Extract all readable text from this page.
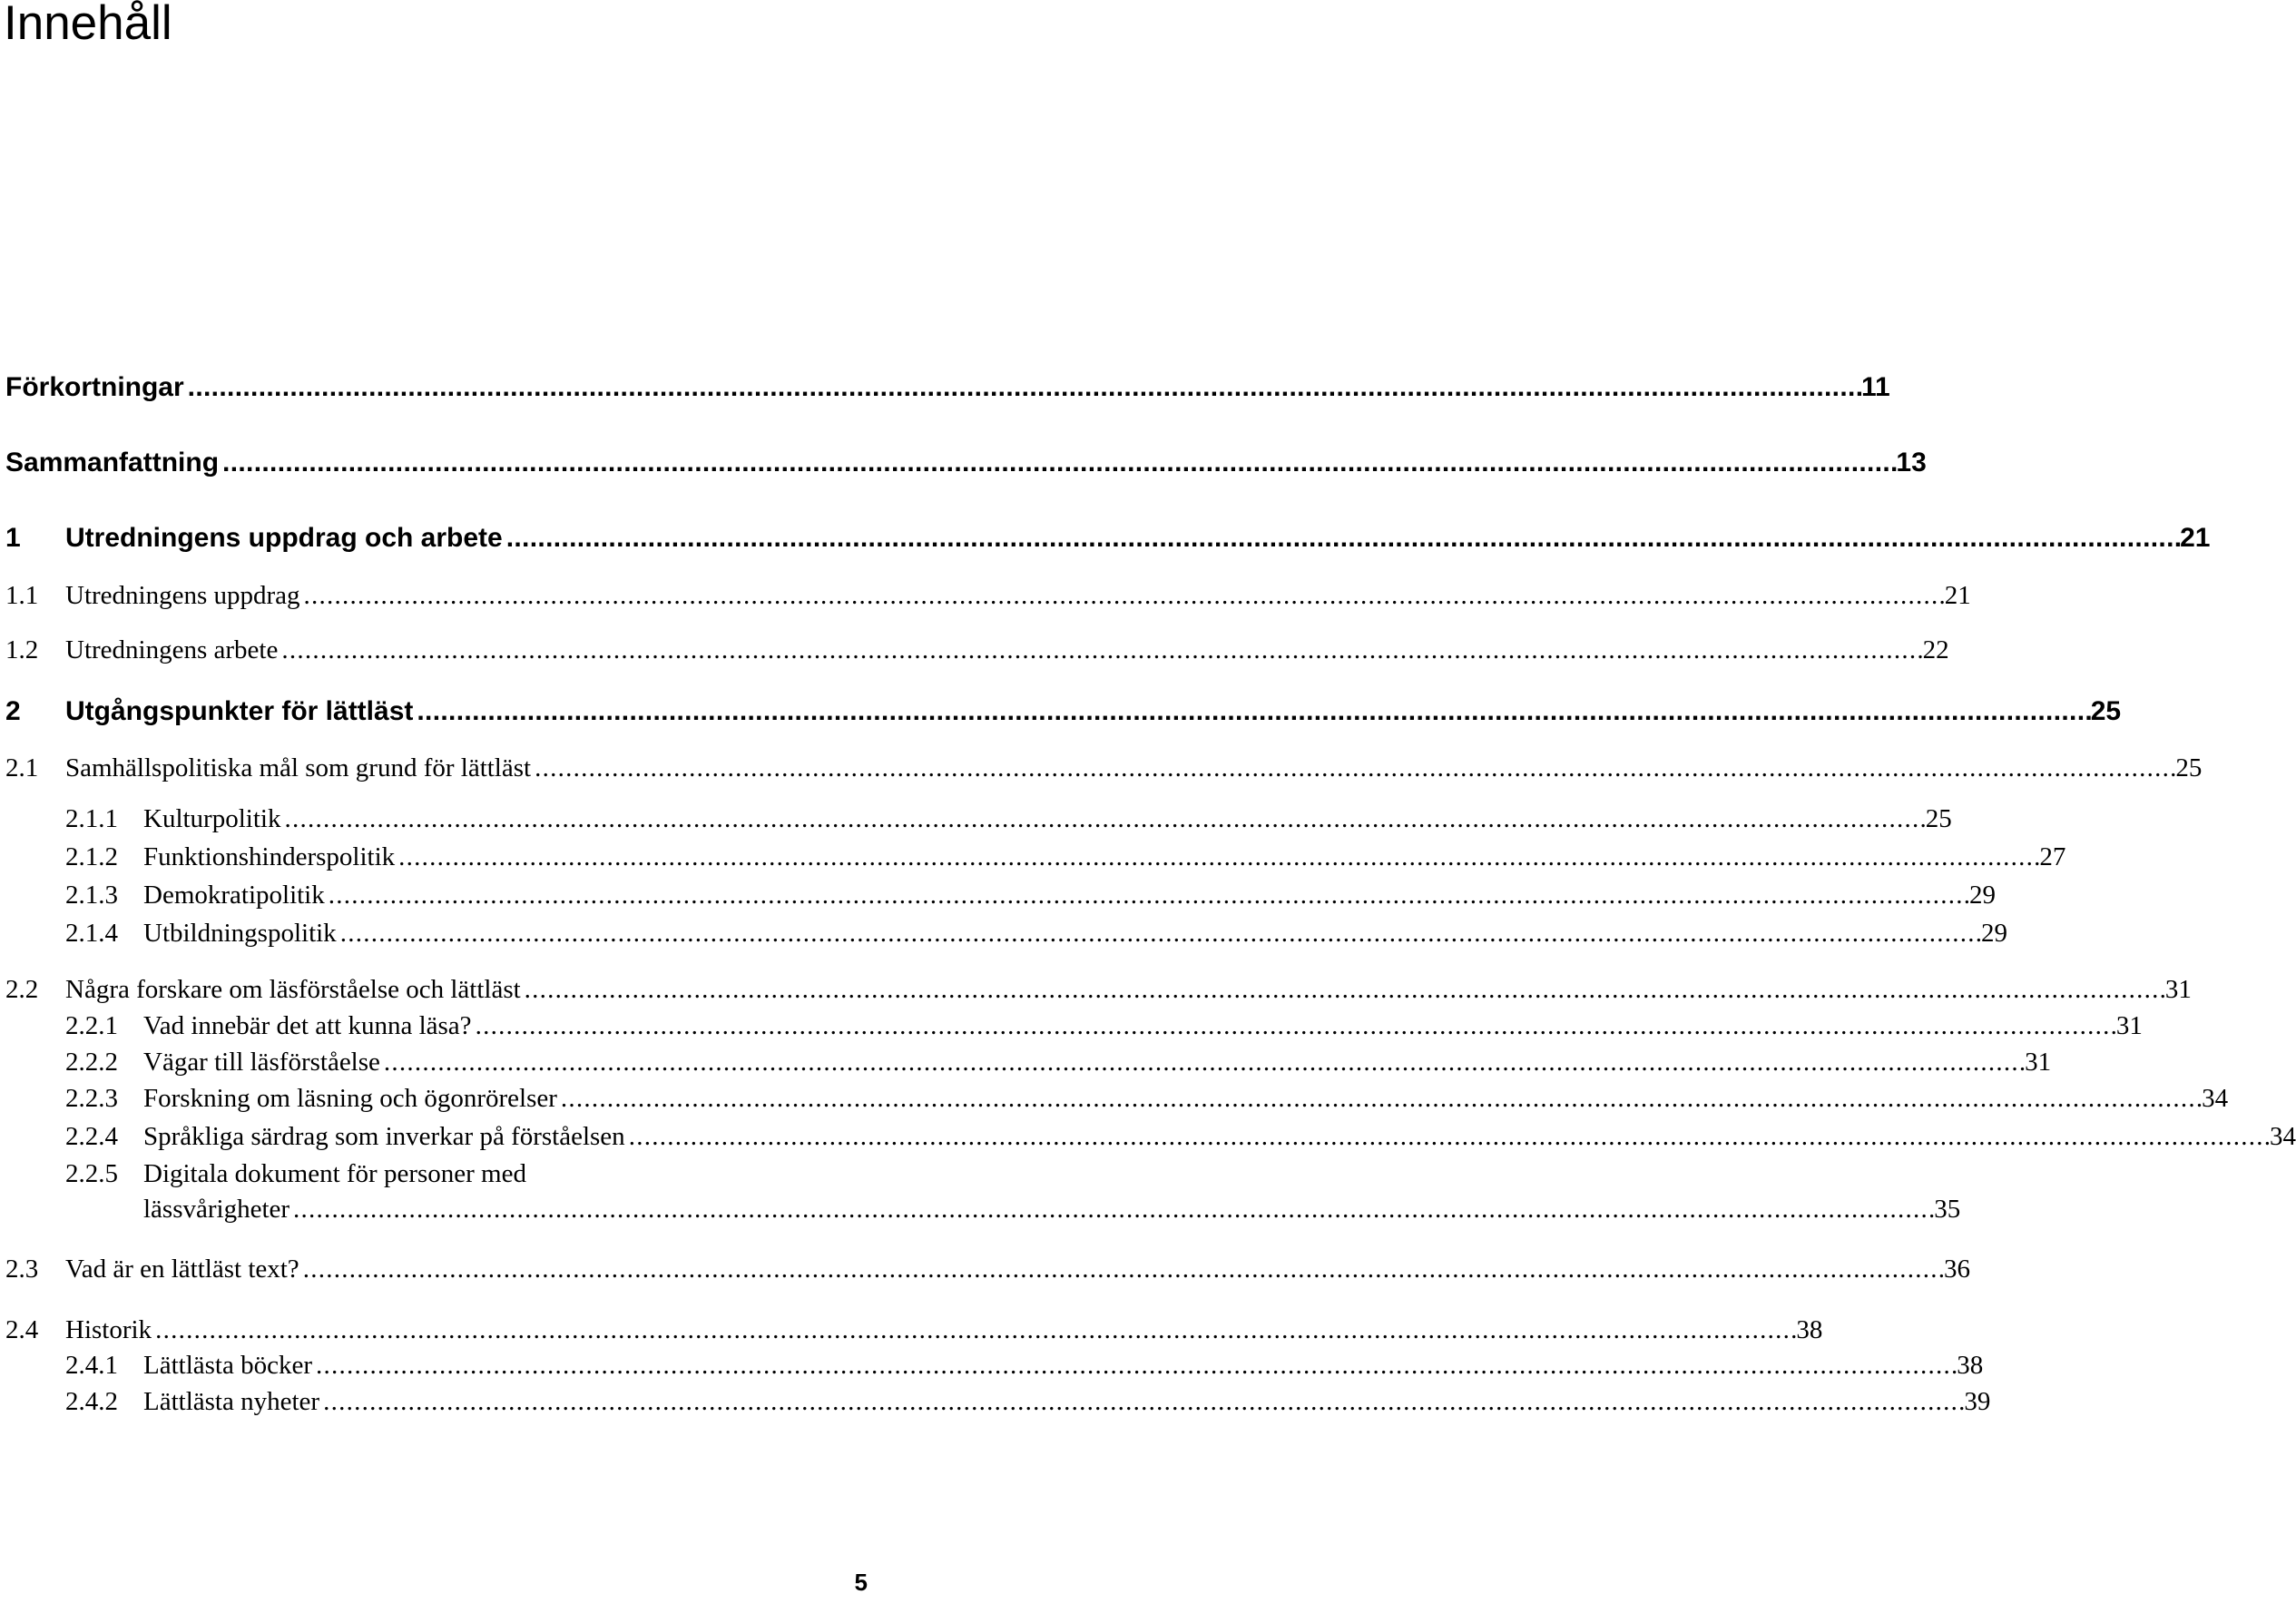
Innehåll
Förkortningar . . .	11
Sammanfattning . . .	13
1	Utredningens uppdrag och arbete . . .	21
1.1	Utredningens uppdrag . . .	21
1.2	Utredningens arbete . . .	22
2	Utgångspunkter för lättläst . . .	25
2.1	Samhällspolitiska mål som grund för lättläst . . .	25
2.1.1 Kulturpolitik . . .	25
2.1.2 Funktionshinderspolitik . . .	27
2.1.3 Demokratipolitik . . .	29
2.1.4 Utbildningspolitik . . .	29
2.2	Några forskare om läsförståelse och lättläst . . .	31
2.2.1 Vad innebär det att kunna läsa? . . .	31
2.2.2 Vägar till läsförståelse . . .	31
2.2.3 Forskning om läsning och ögonrörelser . . .	34
2.2.4 Språkliga särdrag som inverkar på förståelsen . . .	34
2.2.5 Digitala dokument för personer med
lässvårigheter . . .	35
2.3	Vad är en lättläst text? . . .	36
2.4	Historik . . .	38
2.4.1 Lättlästa böcker . . .	38
2.4.2 Lättlästa nyheter . . .	39
5
